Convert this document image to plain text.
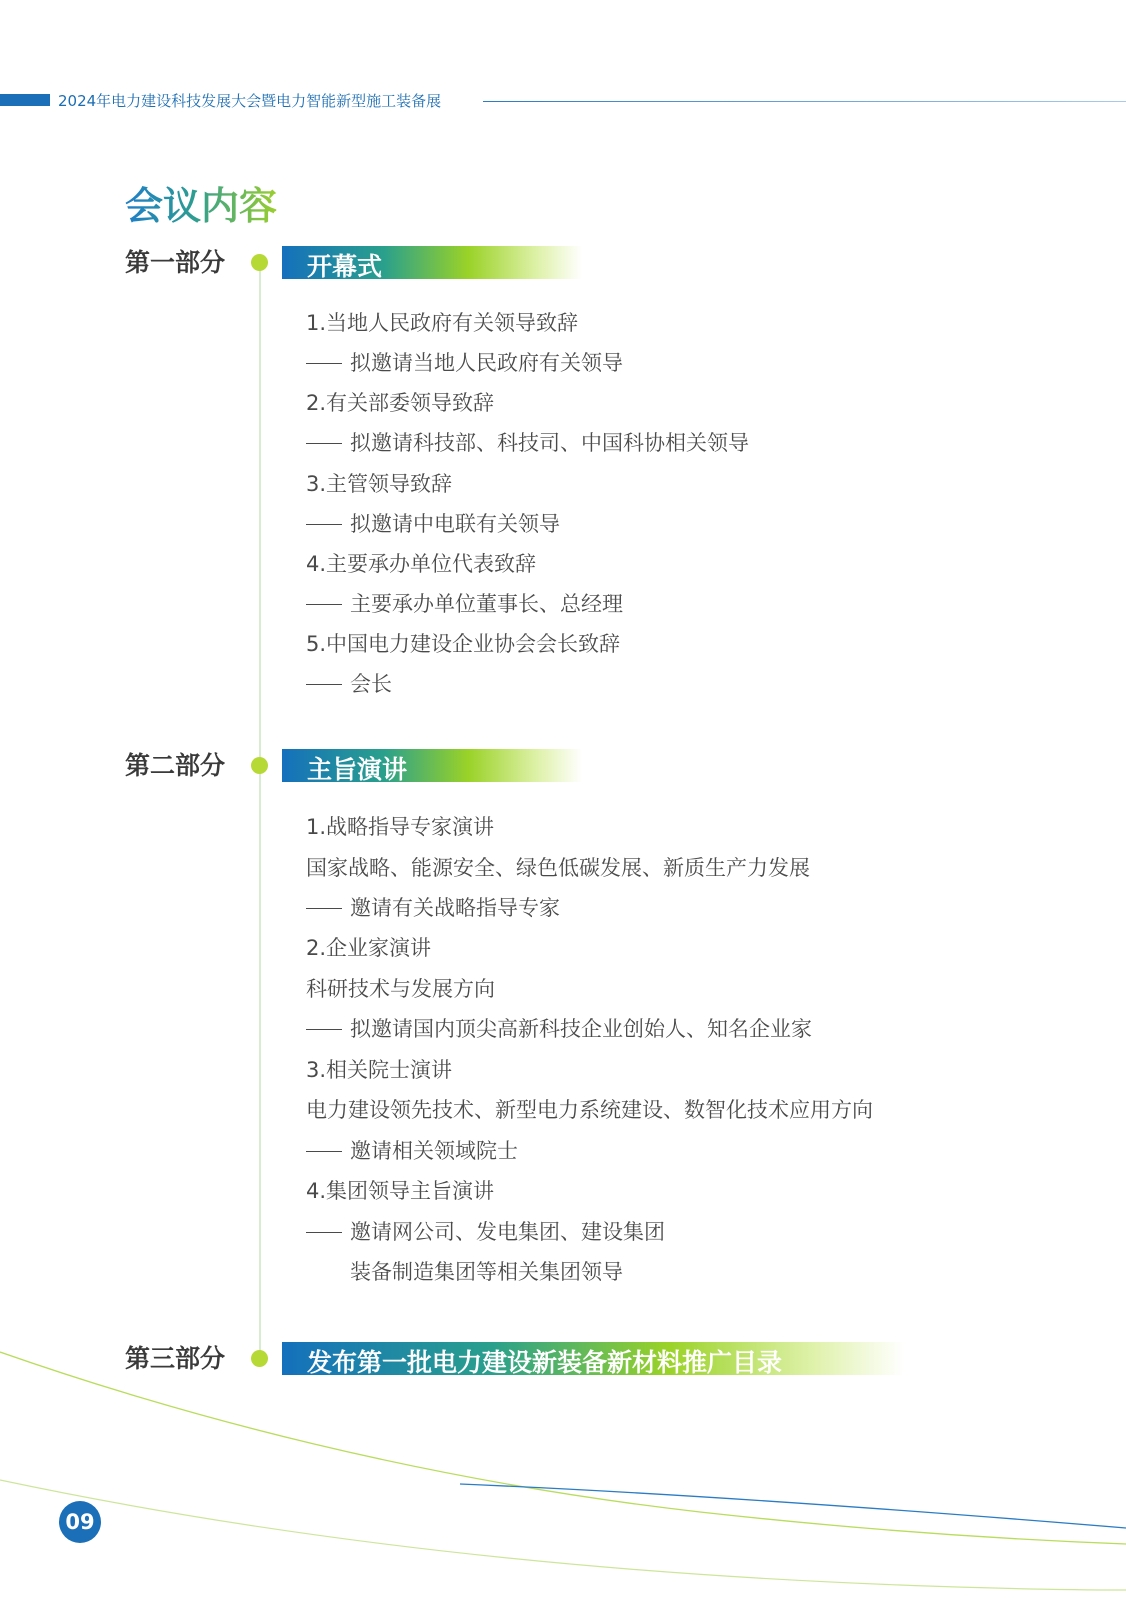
2024年电力建设科技发展大会暨电力智能新型施工装备展
会议内容
第一部分	开幕式
1.当地人民政府有关领导致辞
拟邀请当地人民政府有关领导
2.有关部委领导致辞
拟邀请科技部、科技司、中国科协相关领导
3.主管领导致辞
拟邀请中电联有关领导
4.主要承办单位代表致辞
主要承办单位董事长、总经理
5.中国电力建设企业协会会长致辞
会长
第二部分	主旨演讲
1.战略指导专家演讲
国家战略、能源安全、绿色低碳发展、新质生产力发展
邀请有关战略指导专家
2.企业家演讲
科研技术与发展方向
拟邀请国内顶尖高新科技企业创始人、知名企业家
3.相关院士演讲
电力建设领先技术、新型电力系统建设、数智化技术应用方向
邀请相关领域院士
4.集团领导主旨演讲
邀请网公司、发电集团、建设集团
装备制造集团等相关集团领导
第三部分	发布第一批电力建设新装备新材料推广目录
09
